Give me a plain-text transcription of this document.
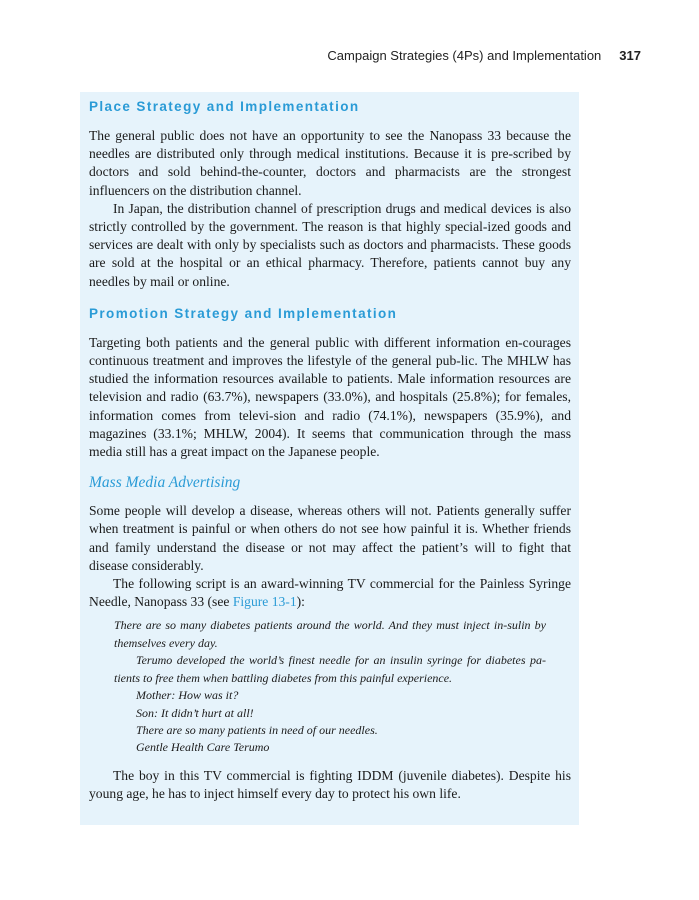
Campaign Strategies (4Ps) and Implementation 317
Place Strategy and Implementation

The general public does not have an opportunity to see the Nanopass 33 because the needles are distributed only through medical institutions. Because it is pre-scribed by doctors and sold behind-the-counter, doctors and pharmacists are the strongest influencers on the distribution channel.

In Japan, the distribution channel of prescription drugs and medical devices is also strictly controlled by the government. The reason is that highly special-ized goods and services are dealt with only by specialists such as doctors and pharmacists. These goods are sold at the hospital or an ethical pharmacy. Therefore, patients cannot buy any needles by mail or online.

Promotion Strategy and Implementation

Targeting both patients and the general public with different information en-courages continuous treatment and improves the lifestyle of the general pub-lic. The MHLW has studied the information resources available to patients. Male information resources are television and radio (63.7%), newspapers (33.0%), and hospitals (25.8%); for females, information comes from televi-sion and radio (74.1%), newspapers (35.9%), and magazines (33.1%; MHLW, 2004). It seems that communication through the mass media still has a great impact on the Japanese people.

Mass Media Advertising

Some people will develop a disease, whereas others will not. Patients generally suffer when treatment is painful or when others do not see how painful it is. Whether friends and family understand the disease or not may affect the patient’s will to fight that disease considerably.

The following script is an award-winning TV commercial for the Painless Syringe Needle, Nanopass 33 (see Figure 13-1):

There are so many diabetes patients around the world. And they must inject in-sulin by themselves every day.
Terumo developed the world’s finest needle for an insulin syringe for diabetes pa-tients to free them when battling diabetes from this painful experience.
Mother: How was it?
Son: It didn’t hurt at all!
There are so many patients in need of our needles.
Gentle Health Care Terumo

The boy in this TV commercial is fighting IDDM (juvenile diabetes). Despite his young age, he has to inject himself every day to protect his own life.
